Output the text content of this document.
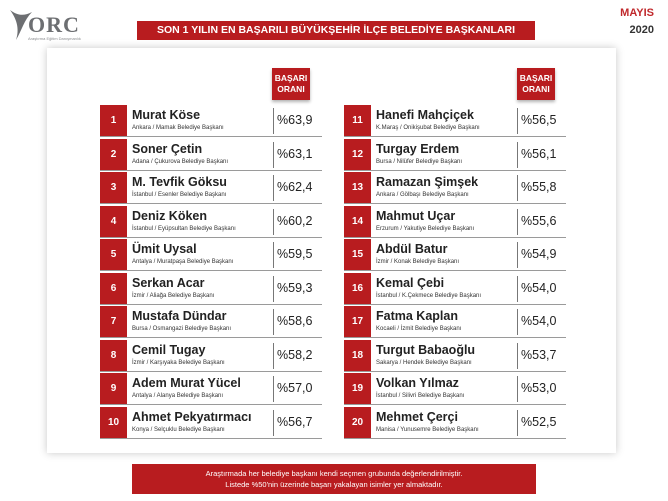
ORC
Araştırma Eğitim Danışmanlık
SON 1 YILIN EN BAŞARILI BÜYÜKŞEHİR İLÇE BELEDİYE BAŞKANLARI
MAYIS
2020
BAŞARI
ORANI
BAŞARI
ORANI
1	Murat Köse
Ankara / Mamak Belediye Başkanı
%63,9
2	Soner Çetin
Adana / Çukurova Belediye Başkanı
%63,1
3	M. Tevfik Göksu
İstanbul / Esenler Belediye Başkanı
%62,4
4	Deniz Köken
İstanbul / Eyüpsultan Belediye Başkanı
%60,2
5	Ümit Uysal
Antalya / Muratpaşa Belediye Başkanı
%59,5
6	Serkan Acar
İzmir / Aliağa Belediye Başkanı
%59,3
7	Mustafa Dündar
Bursa / Osmangazi Belediye Başkanı
%58,6
8	Cemil Tugay
İzmir / Karşıyaka Belediye Başkanı
%58,2
9	Adem Murat Yücel
Antalya / Alanya Belediye Başkanı
%57,0
10	Ahmet Pekyatırmacı
Konya / Selçuklu Belediye Başkanı
%56,7
11	Hanefi Mahçiçek
K.Maraş / Onikişubat Belediye Başkanı
%56,5
12	Turgay Erdem
Bursa / Nilüfer Belediye Başkanı
%56,1
13	Ramazan Şimşek
Ankara / Gölbaşı Belediye Başkanı
%55,8
14	Mahmut Uçar
Erzurum / Yakutiye Belediye Başkanı
%55,6
15	Abdül Batur
İzmir / Konak Belediye Başkanı
%54,9
16	Kemal Çebi
İstanbul / K.Çekmece Belediye Başkanı
%54,0
17	Fatma Kaplan
Kocaeli / İzmit Belediye Başkanı
%54,0
18	Turgut Babaoğlu
Sakarya / Hendek Belediye Başkanı
%53,7
19	Volkan Yılmaz
İstanbul / Silivri Belediye Başkanı
%53,0
20	Mehmet Çerçi
Manisa / Yunusemre Belediye Başkanı
%52,5
Araştırmada her belediye başkanı kendi seçmen grubunda değerlendirilmiştir.
Listede %50'nin üzerinde başarı yakalayan isimler yer almaktadır.
